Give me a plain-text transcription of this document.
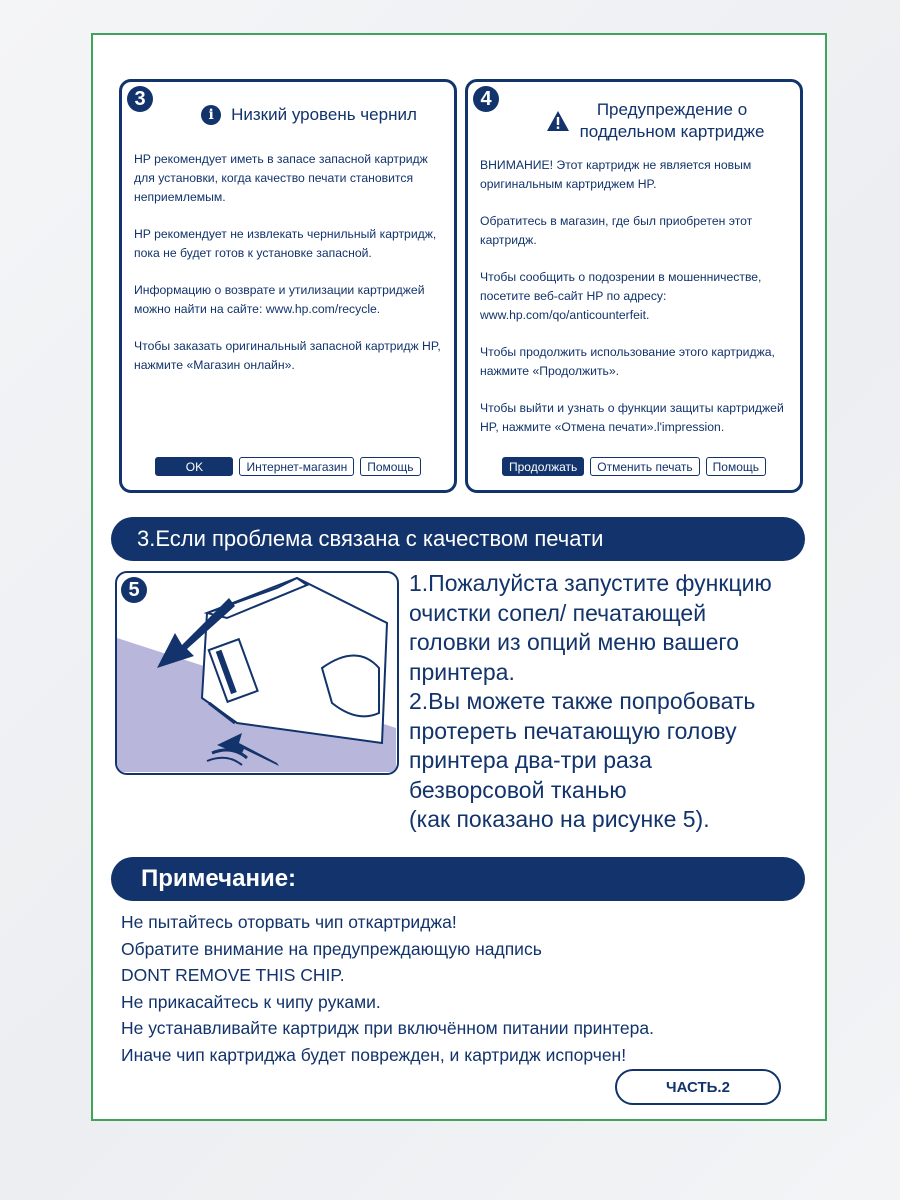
3
i	Низкий уровень чернил

HP рекомендует иметь в запасе запасной картридж для установки, когда качество печати становится неприемлемым.

HP рекомендует не извлекать чернильный картридж, пока не будет готов к установке запасной.

Информацию о возврате и утилизации картриджей можно найти на сайте: www.hp.com/recycle.

Чтобы заказать оригинальный запасной картридж HP, нажмите «Магазин онлайн».

OK	Интернет-магазин	Помощь
4	Предупреждение о
поддельном картридже

ВНИМАНИЕ! Этот картридж не является новым оригинальным картриджем HP.

Обратитесь в магазин, где был приобретен этот картридж.

Чтобы сообщить о подозрении в мошенничестве, посетите веб-сайт HP по адресу: www.hp.com/qo/anticounterfeit.

Чтобы продолжить использование этого картриджа, нажмите «Продолжить».

Чтобы выйти и узнать о функции защиты картриджей HP, нажмите «Отмена печати».l'impression.

Продолжать	Отменить печать	Помощь
3.Если проблема связана с качеством печати
5	1.Пожалуйста запустите функцию
очистки сопел/ печатающей
головки из опций меню вашего
принтера.
2.Вы можете также попробовать
протереть печатающую голову
принтера два-три раза
безворсовой тканью
(как показано на рисунке 5).
Примечание:
Не пытайтесь оторвать чип откартриджа!
Обратите внимание на предупреждающую надпись
DONT REMOVE THIS CHIP.
Не прикасайтесь к чипу руками.
Не устанавливайте картридж при включённом питании принтера.
Иначе чип картриджа будет поврежден, и картридж испорчен!
ЧАСТЬ.2
